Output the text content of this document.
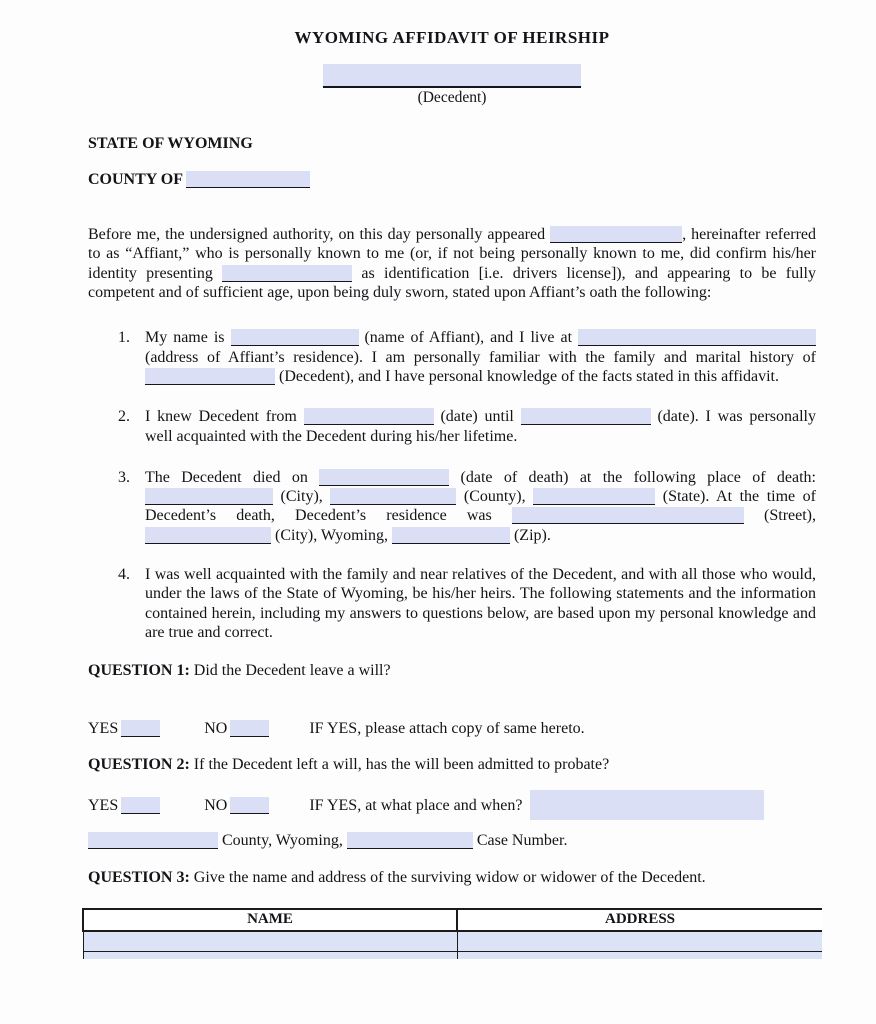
WYOMING AFFIDAVIT OF HEIRSHIP
(Decedent)
STATE OF WYOMING
COUNTY OF
Before me, the undersigned authority, on this day personally appeared	, hereinafter referred to as “Affiant,” who is personally known to me (or, if not being personally known to me, did confirm his/her identity presenting	as identification [i.e. drivers license]), and appearing to be fully competent and of sufficient age, upon being duly sworn, stated upon Affiant’s oath the following:
1. My name is	(name of Affiant), and I live at  (address of Affiant’s residence). I am personally familiar with the family and marital history of  (Decedent), and I have personal knowledge of the facts stated in this affidavit.
2. I knew Decedent from	(date) until	(date). I was personally well acquainted with the Decedent during his/her lifetime.
3. The Decedent died on	(date of death) at the following place of death:  (City),	(County),	(State). At the time of Decedent’s death, Decedent’s residence was	(Street),  (City), Wyoming,	(Zip).
4. I was well acquainted with the family and near relatives of the Decedent, and with all those who would, under the laws of the State of Wyoming, be his/her heirs. The following statements and the information contained herein, including my answers to questions below, are based upon my personal knowledge and are true and correct.
QUESTION 1: Did the Decedent leave a will?
YES	NO	IF YES, please attach copy of same hereto.
QUESTION 2: If the Decedent left a will, has the will been admitted to probate?
YES	NO	IF YES, at what place and when?
County, Wyoming,	Case Number.
QUESTION 3: Give the name and address of the surviving widow or widower of the Decedent.
NAME	ADDRESS
